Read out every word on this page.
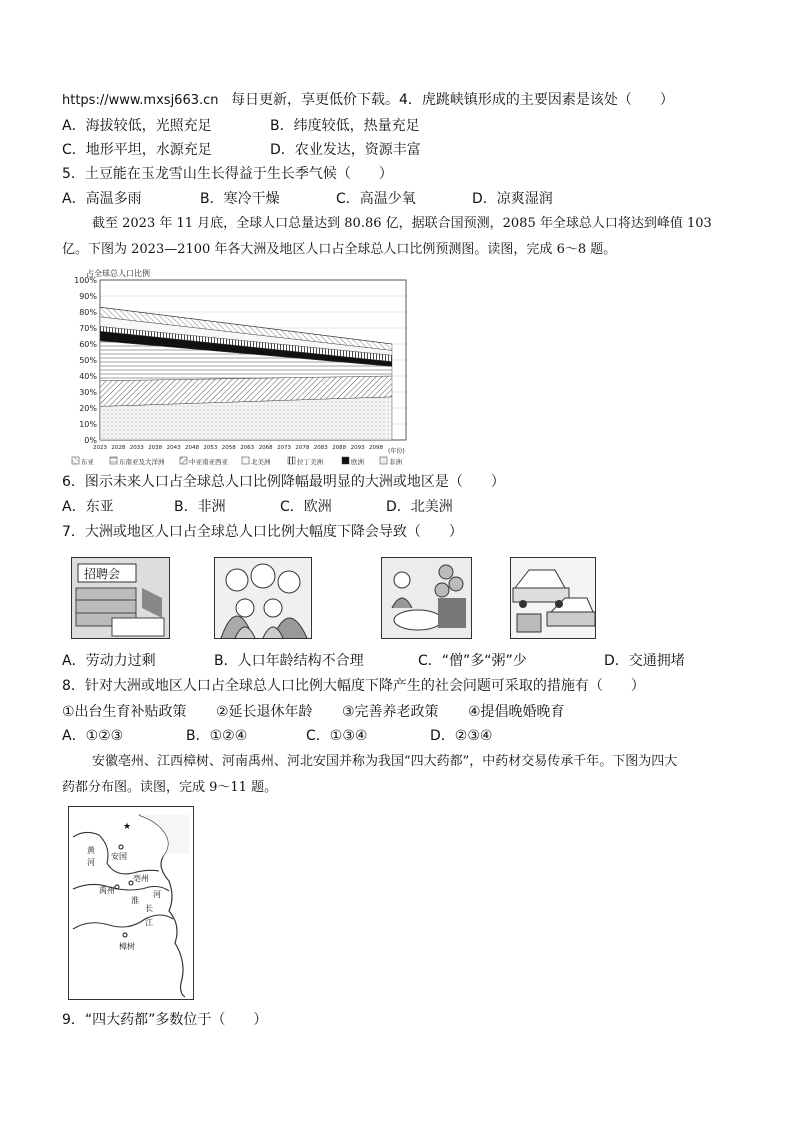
https://www.mxsj663.cn 每日更新，享更低价下载。4．虎跳峡镇形成的主要因素是该处（　　）
A．海拔较低，光照充足	B．纬度较低，热量充足
C．地形平坦，水源充足	D．农业发达，资源丰富
5．土豆能在玉龙雪山生长得益于生长季气候（　　）
A．高温多雨	B．寒冷干燥	C．高温少氧	D．凉爽湿润
截至 2023 年 11 月底，全球人口总量达到 80.86 亿，据联合国预测，2085 年全球总人口将达到峰值 103
亿。下图为 2023—2100 年各大洲及地区人口占全球总人口比例预测图。读图，完成 6～8 题。
占全球总人口比例
0%
10%
20%
30%
40%
50%
60%
70%
80%
90%
100%
2023 2028 2033 2038 2043 2048 2053 2058 2063 2068 2073 2078 2083 2088 2093 2098 (年份)
东亚	东南亚及大洋洲	中亚南亚西亚	北美洲	拉丁美洲	欧洲	非洲
6．图示未来人口占全球总人口比例降幅最明显的大洲或地区是（　　）
A．东亚	B．非洲	C．欧洲	D．北美洲
7．大洲或地区人口占全球总人口比例大幅度下降会导致（　　）
招聘会
A．劳动力过剩	B．人口年龄结构不合理	C．“僧”多“粥”少	D．交通拥堵
8．针对大洲或地区人口占全球总人口比例大幅度下降产生的社会问题可采取的措施有（　　）
①出台生育补贴政策 ②延长退休年龄 ③完善养老政策 ④提倡晚婚晚育
A．①②③	B．①②④	C．①③④	D．②③④
安徽亳州、江西樟树、河南禹州、河北安国并称为我国“四大药都”，中药材交易传承千年。下图为四大
药都分布图。读图，完成 9～11 题。
★
安国
黄
河
亳州
禹州
淮
河
长
江
樟树
9．“四大药都”多数位于（　　）
